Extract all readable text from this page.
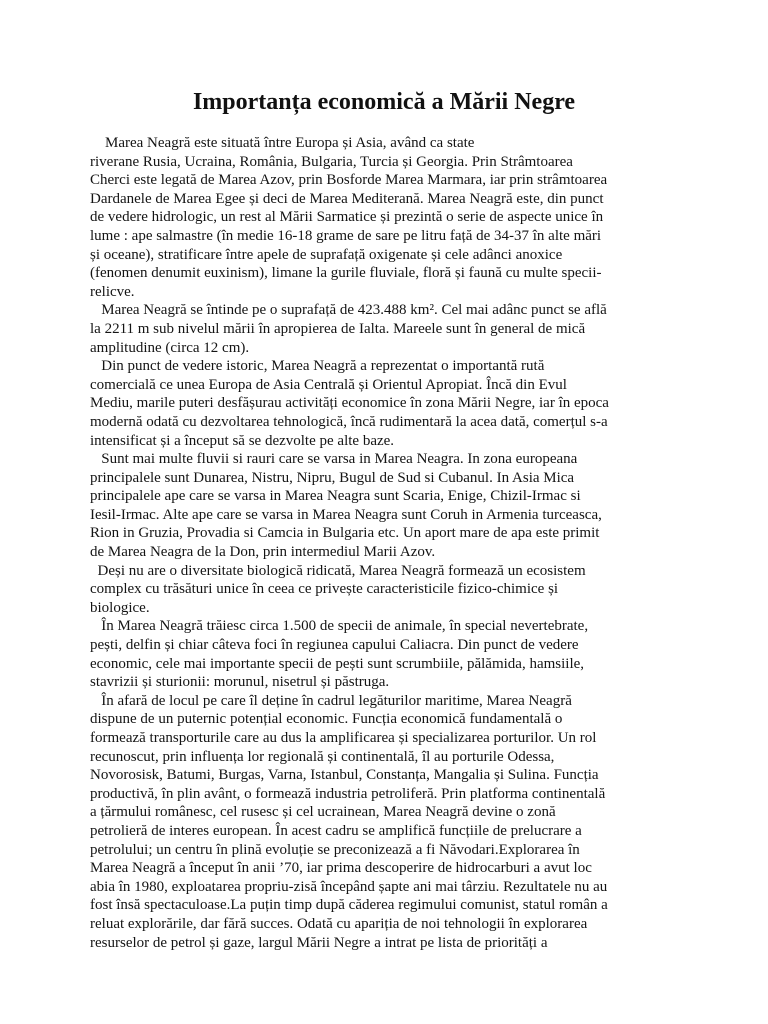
Importanța economică a Mării Negre

Marea Neagră este situată între Europa și Asia, având ca state
riverane Rusia, Ucraina, România, Bulgaria, Turcia și Georgia. Prin Strâmtoarea
Cherci este legată de Marea Azov, prin Bosforde Marea Marmara, iar prin strâmtoarea
Dardanele de Marea Egee și deci de Marea Mediterană. Marea Neagră este, din punct
de vedere hidrologic, un rest al Mării Sarmatice și prezintă o serie de aspecte unice în
lume : ape salmastre (în medie 16-18 grame de sare pe litru față de 34-37 în alte mări
și oceane), stratificare între apele de suprafață oxigenate și cele adânci anoxice
(fenomen denumit euxinism), limane la gurile fluviale, floră și faună cu multe specii-
relicve.

Marea Neagră se întinde pe o suprafață de 423.488 km². Cel mai adânc punct se află
la 2211 m sub nivelul mării în apropierea de Ialta. Mareele sunt în general de mică
amplitudine (circa 12 cm).

Din punct de vedere istoric, Marea Neagră a reprezentat o importantă rută
comercială ce unea Europa de Asia Centrală și Orientul Apropiat. Încă din Evul
Mediu, marile puteri desfășurau activități economice în zona Mării Negre, iar în epoca
modernă odată cu dezvoltarea tehnologică, încă rudimentară la acea dată, comerțul s-a
intensificat și a început să se dezvolte pe alte baze.

Sunt mai multe fluvii si rauri care se varsa in Marea Neagra. In zona europeana
principalele sunt Dunarea, Nistru, Nipru, Bugul de Sud si Cubanul. In Asia Mica
principalele ape care se varsa in Marea Neagra sunt Scaria, Enige, Chizil-Irmac si
Iesil-Irmac. Alte ape care se varsa in Marea Neagra sunt Coruh in Armenia turceasca,
Rion in Gruzia, Provadia si Camcia in Bulgaria etc. Un aport mare de apa este primit
de Marea Neagra de la Don, prin intermediul Marii Azov.

Deși nu are o diversitate biologică ridicată, Marea Neagră formează un ecosistem
complex cu trăsături unice în ceea ce privește caracteristicile fizico-chimice și
biologice.

În Marea Neagră trăiesc circa 1.500 de specii de animale, în special nevertebrate,
pești, delfin și chiar câteva foci în regiunea capului Caliacra. Din punct de vedere
economic, cele mai importante specii de pești sunt scrumbiile, pălămida, hamsiile,
stavrizii și sturionii: morunul, nisetrul și păstruga.

În afară de locul pe care îl deține în cadrul legăturilor maritime, Marea Neagră
dispune de un puternic potențial economic. Funcția economică fundamentală o
formează transporturile care au dus la amplificarea și specializarea porturilor. Un rol
recunoscut, prin influența lor regională și continentală, îl au porturile Odessa,
Novorosisk, Batumi, Burgas, Varna, Istanbul, Constanța, Mangalia și Sulina. Funcția
productivă, în plin avânt, o formează industria petroliferă. Prin platforma continentală
a țărmului românesc, cel rusesc și cel ucrainean, Marea Neagră devine o zonă
petrolieră de interes european. În acest cadru se amplifică funcțiile de prelucrare a
petrolului; un centru în plină evoluție se preconizează a fi Năvodari.Explorarea în
Marea Neagră a început în anii ’70, iar prima descoperire de hidrocarburi a avut loc
abia în 1980, exploatarea propriu-zisă începând șapte ani mai târziu. Rezultatele nu au
fost însă spectaculoase.La puțin timp după căderea regimului comunist, statul român a
reluat explorările, dar fără succes. Odată cu apariția de noi tehnologii în explorarea
resurselor de petrol și gaze, largul Mării Negre a intrat pe lista de priorități a
